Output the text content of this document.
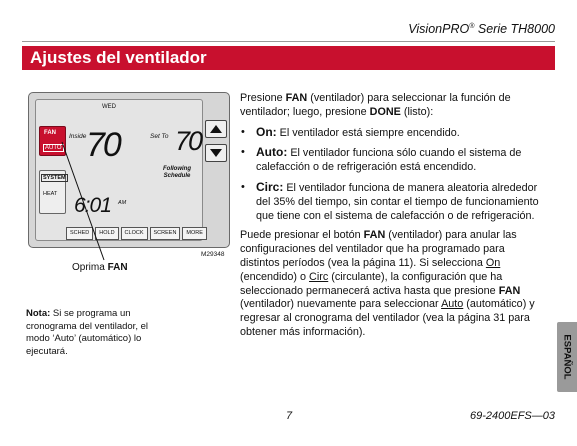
VisionPRO® Serie TH8000
Ajustes del ventilador
WED
FAN
AUTO
SYSTEM
HEAT
Inside 70	Set To 70
Following
Schedule
6:01 AM
SCHED	HOLD	CLOCK	SCREEN	MORE
M29348
Oprima FAN
Nota: Si se programa un cronograma del ventilador, el modo ‘Auto’ (automático) lo ejecutará.

Presione FAN (ventilador) para seleccionar la función de ventilador; luego, presione DONE (listo):

• On: El ventilador está siempre encendido.
• Auto: El ventilador funciona sólo cuando el sistema de calefacción o de refrigeración está encendido.
• Circ: El ventilador funciona de manera aleatoria alrededor del 35% del tiempo, sin contar el tiempo de funcionamiento que tiene con el sistema de calefacción o de refrigeración.

Puede presionar el botón FAN (ventilador) para anular las configuraciones del ventilador que ha programado para distintos períodos (vea la página 11). Si selecciona On (encendido) o Circ (circulante), la configuración que ha seleccionado permanecerá activa hasta que presione FAN (ventilador) nuevamente para seleccionar Auto (automático) y regresar al cronograma del ventilador (vea la página 31 para obtener más información).

ESPAÑOL
7	69-2400EFS—03
